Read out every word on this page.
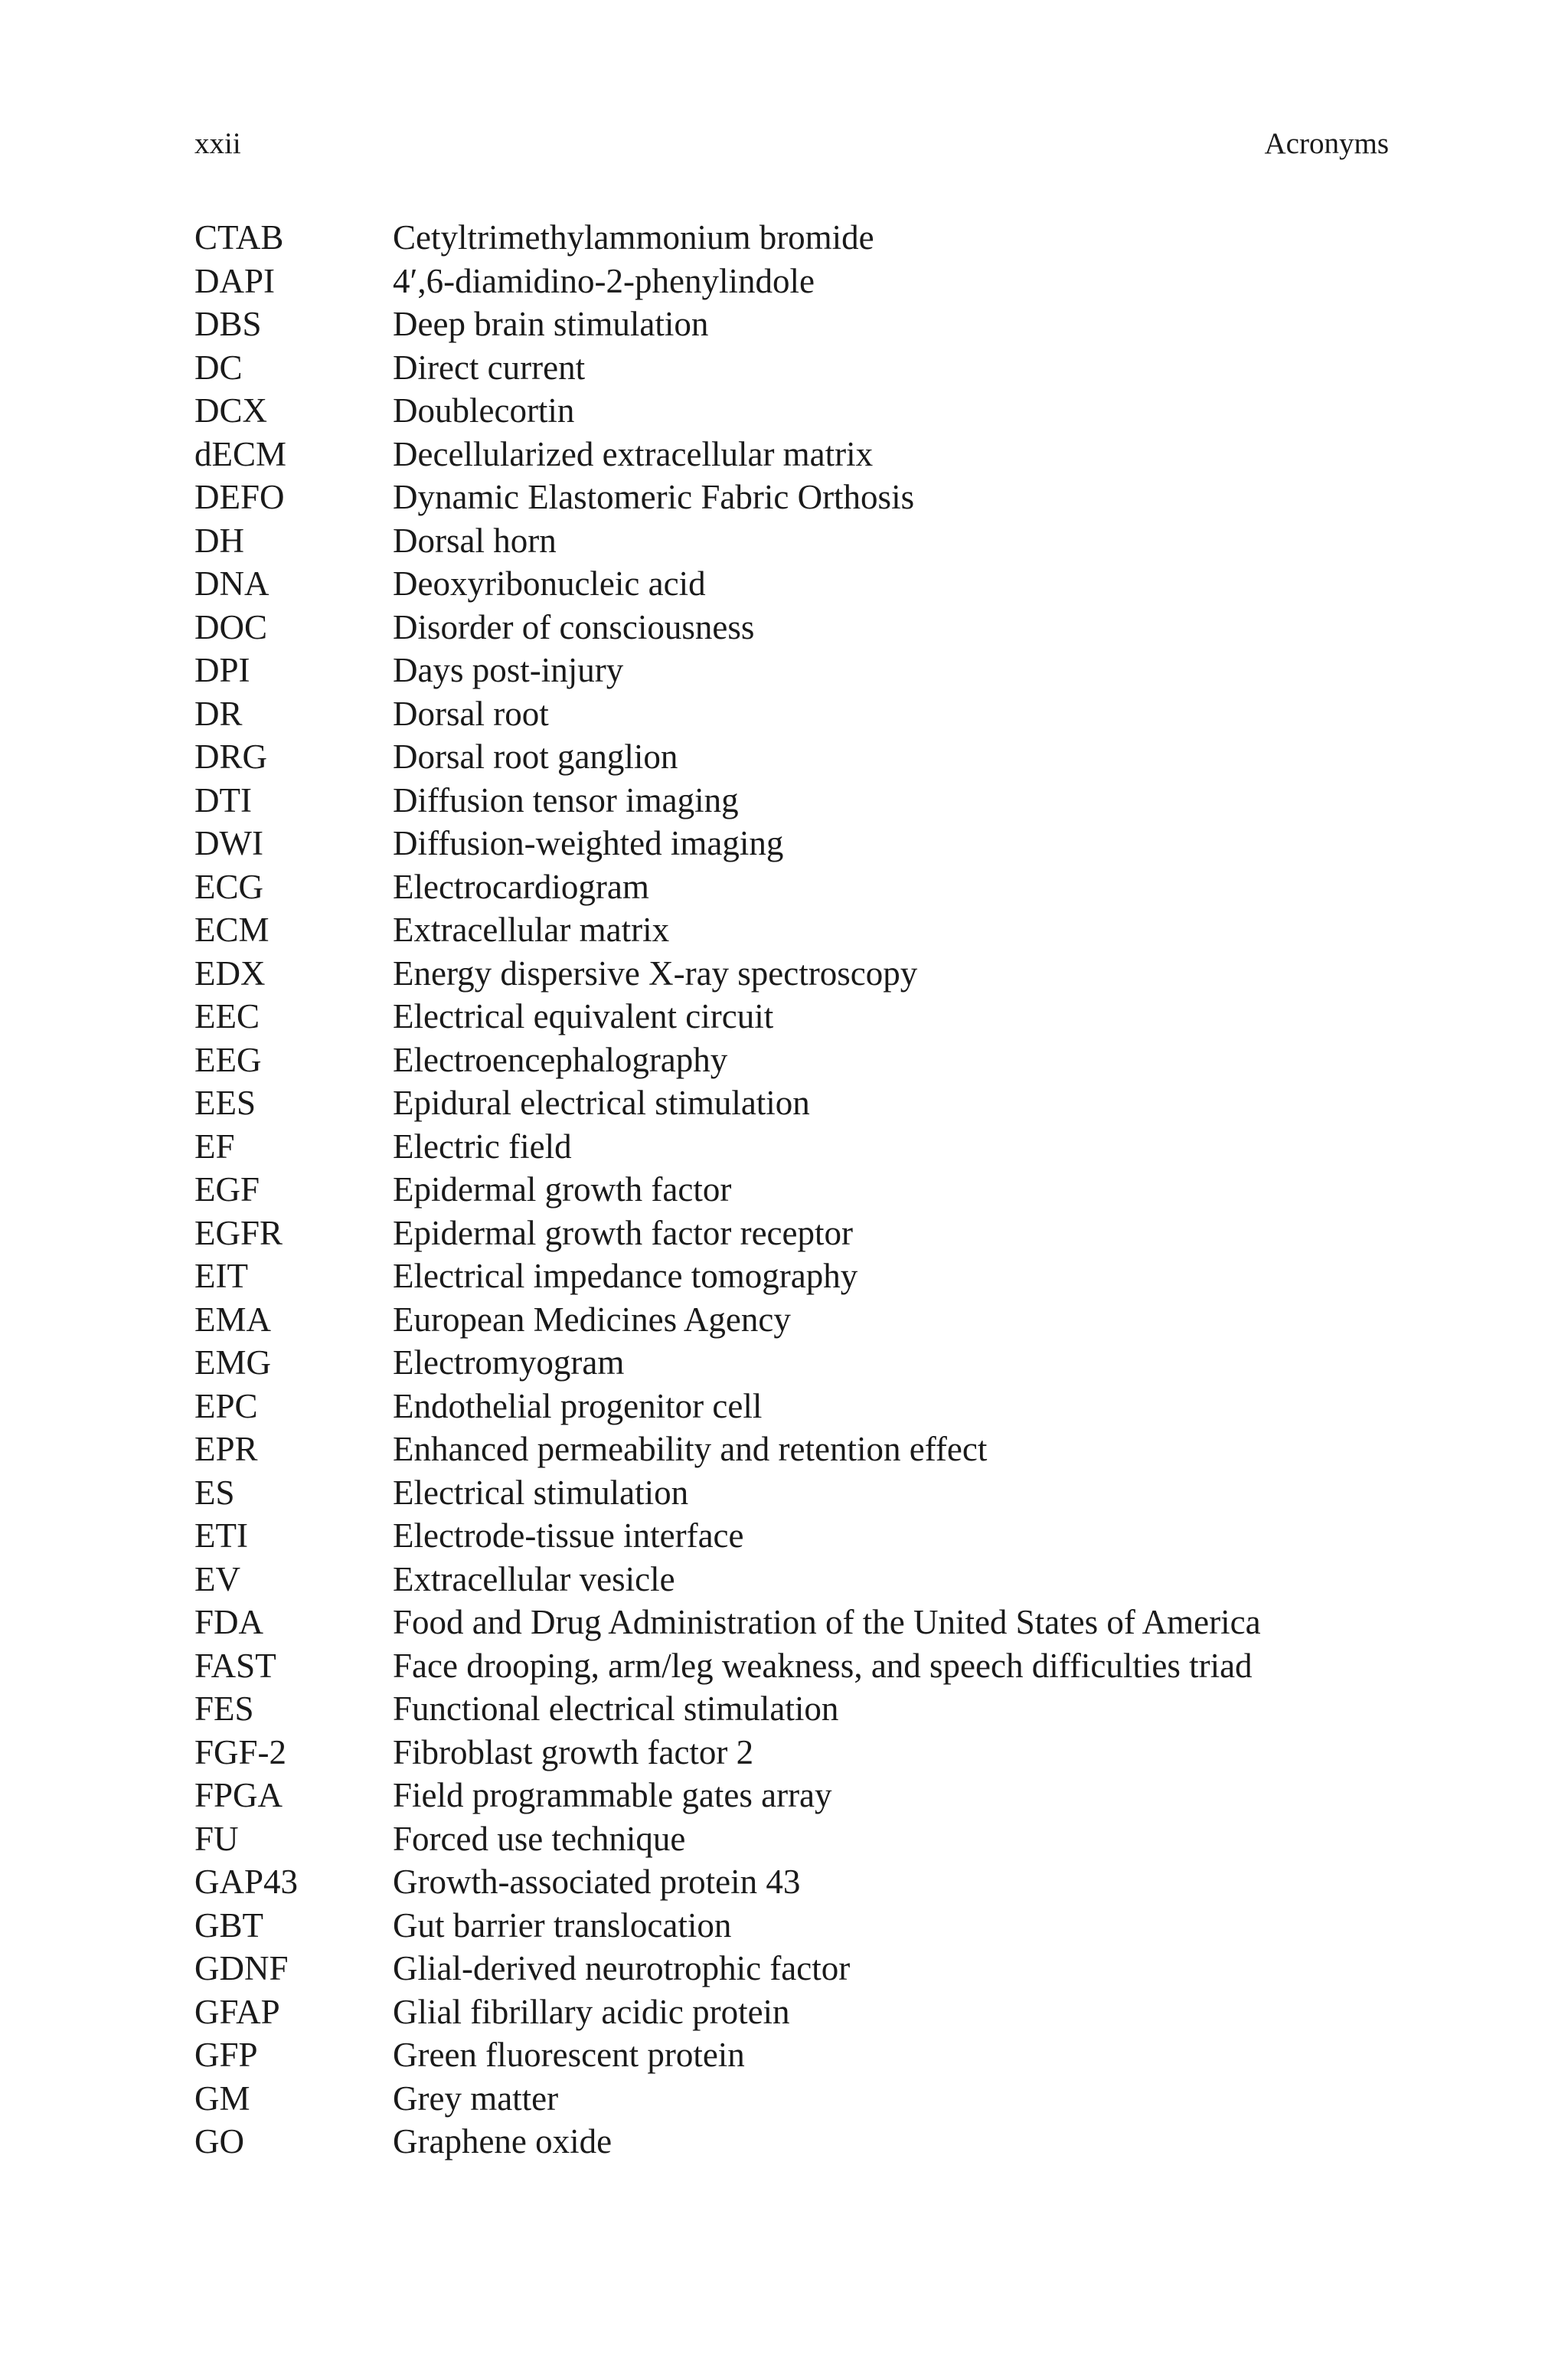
xxii	Acronyms
CTAB	Cetyltrimethylammonium bromide
DAPI	4′,6-diamidino-2-phenylindole
DBS	Deep brain stimulation
DC	Direct current
DCX	Doublecortin
dECM	Decellularized extracellular matrix
DEFO	Dynamic Elastomeric Fabric Orthosis
DH	Dorsal horn
DNA	Deoxyribonucleic acid
DOC	Disorder of consciousness
DPI	Days post-injury
DR	Dorsal root
DRG	Dorsal root ganglion
DTI	Diffusion tensor imaging
DWI	Diffusion-weighted imaging
ECG	Electrocardiogram
ECM	Extracellular matrix
EDX	Energy dispersive X-ray spectroscopy
EEC	Electrical equivalent circuit
EEG	Electroencephalography
EES	Epidural electrical stimulation
EF	Electric field
EGF	Epidermal growth factor
EGFR	Epidermal growth factor receptor
EIT	Electrical impedance tomography
EMA	European Medicines Agency
EMG	Electromyogram
EPC	Endothelial progenitor cell
EPR	Enhanced permeability and retention effect
ES	Electrical stimulation
ETI	Electrode-tissue interface
EV	Extracellular vesicle
FDA	Food and Drug Administration of the United States of America
FAST	Face drooping, arm/leg weakness, and speech difficulties triad
FES	Functional electrical stimulation
FGF-2	Fibroblast growth factor 2
FPGA	Field programmable gates array
FU	Forced use technique
GAP43	Growth-associated protein 43
GBT	Gut barrier translocation
GDNF	Glial-derived neurotrophic factor
GFAP	Glial fibrillary acidic protein
GFP	Green fluorescent protein
GM	Grey matter
GO	Graphene oxide
